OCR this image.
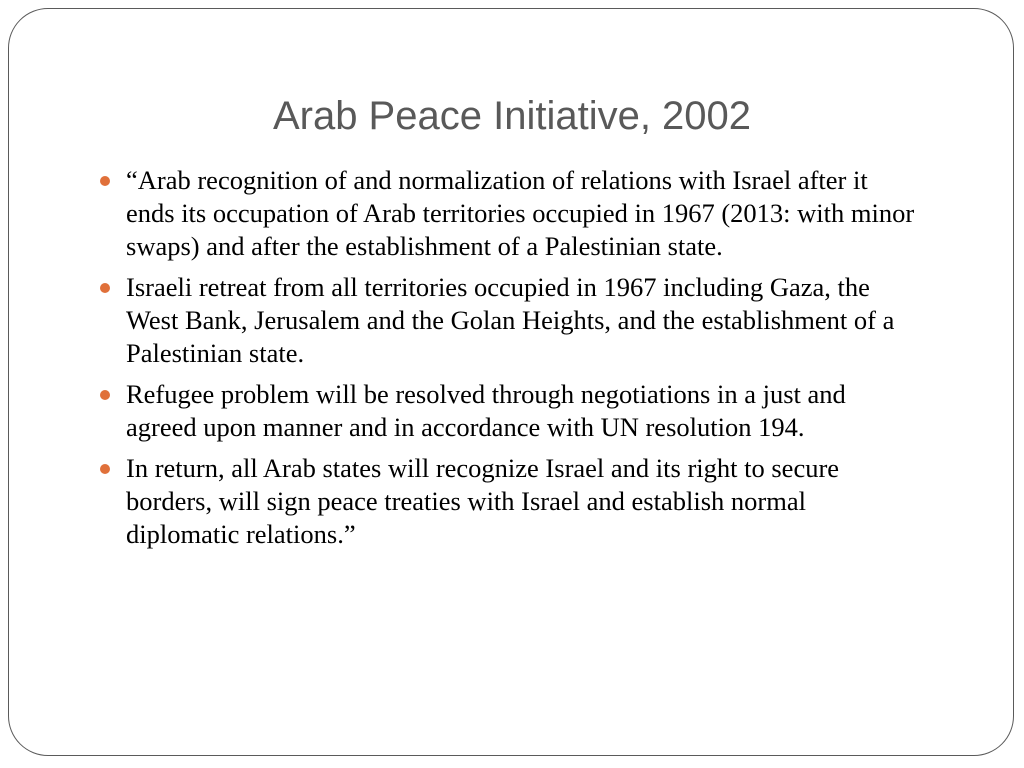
Arab Peace Initiative, 2002
“Arab recognition of and normalization of relations with Israel after it ends its occupation of Arab territories occupied in 1967 (2013: with minor swaps) and after the establishment of a Palestinian state.
Israeli retreat from all territories occupied in 1967 including Gaza, the West Bank, Jerusalem and the Golan Heights, and the establishment of a Palestinian state.
Refugee problem will be resolved through negotiations in a just and agreed upon manner and in accordance with UN resolution 194.
In return, all Arab states will recognize Israel and its right to secure borders, will sign peace treaties with Israel and establish normal diplomatic relations.”
